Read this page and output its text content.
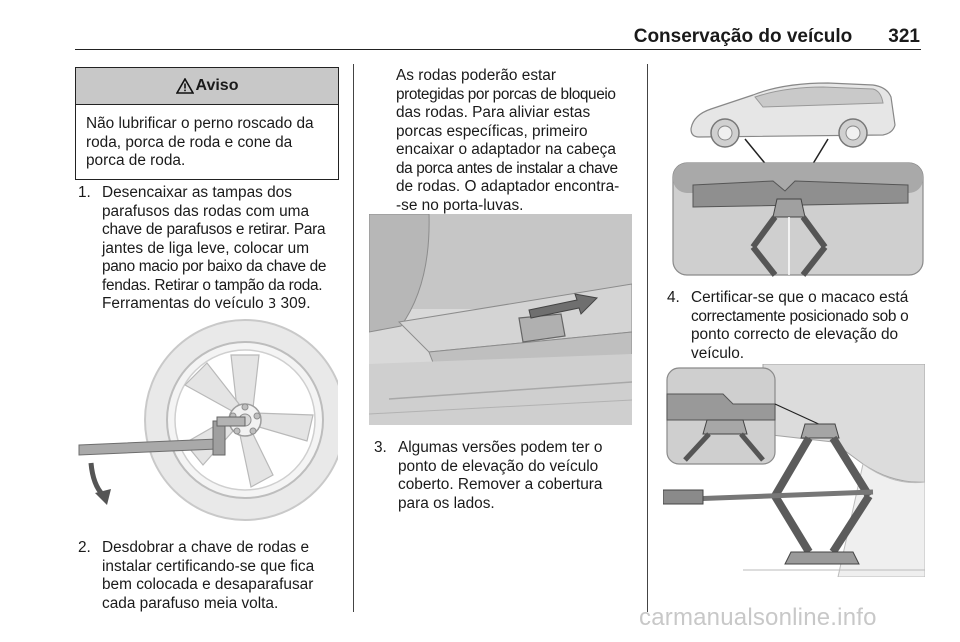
Conservação do veículo 321
Aviso
Não lubrificar o perno roscado da
roda, porca de roda e cone da
porca de roda.
1. Desencaixar as tampas dos
parafusos das rodas com uma
chave de parafusos e retirar. Para
jantes de liga leve, colocar um
pano macio por baixo da chave de
fendas. Retirar o tampão da roda.
Ferramentas do veículo 3 309.
2. Desdobrar a chave de rodas e
instalar certificando-se que fica
bem colocada e desaparafusar
cada parafuso meia volta.
As rodas poderão estar
protegidas por porcas de bloqueio
das rodas. Para aliviar estas
porcas específicas, primeiro
encaixar o adaptador na cabeça
da porca antes de instalar a chave
de rodas. O adaptador encontra-
-se no porta-luvas.
3. Algumas versões podem ter o
ponto de elevação do veículo
coberto. Remover a cobertura
para os lados.
4. Certificar-se que o macaco está
correctamente posicionado sob o
ponto correcto de elevação do
veículo.
carmanualsonline.info
